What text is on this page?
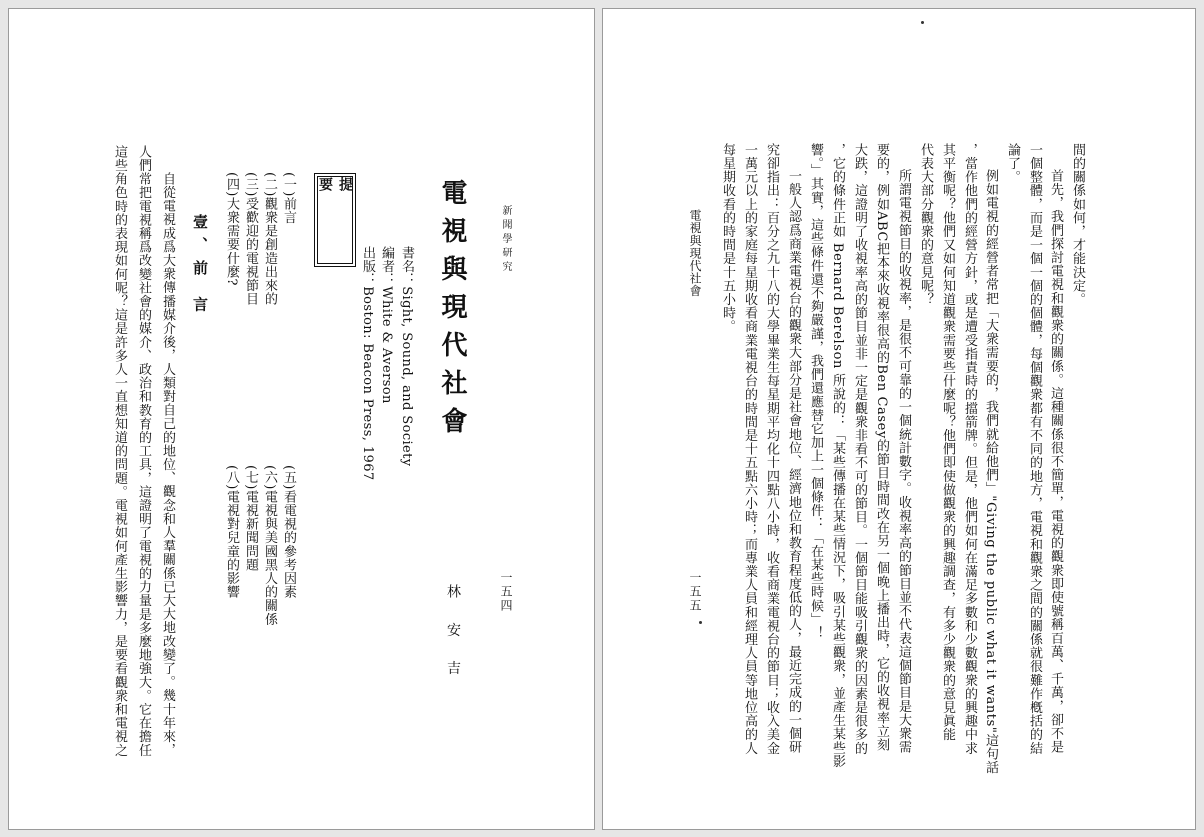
新聞學研究
一五四
電視與現代社會
林 安 吉
書名：Sight, Sound, and Society
編者：White & Averson
出版：Boston: Beacon Press, 1967
提 要
(一)前言
(二)觀衆是創造出來的
(三)受歡迎的電視節目
(四)大衆需要什麼?
(五)看電視的參考因素
(六)電視與美國黑人的關係
(七)電視新聞問題
(八)電視對兒童的影響
壹、前 言
自從電視成爲大衆傳播媒介後，人類對自己的地位、觀念和人羣關係已大大地改變了。幾十年來，
人們常把電視稱爲改變社會的媒介、政治和教育的工具，這證明了電視的力量是多麼地強大。它在擔任
這些角色時的表現如何呢？這是許多人一直想知道的問題。電視如何產生影響力，是要看觀衆和電視之	間的關係如何，才能決定。
首先，我們探討電視和觀衆的關係。這種關係很不簡單，電視的觀衆即使號稱百萬、千萬，卻不是
一個整體，而是一個一個的個體，每個觀衆都有不同的地方，電視和觀衆之間的關係就很難作槪括的結
論了。
例如電視的經營者常把「大衆需要的，我們就給他們」"Giving the public what it wants"這句話
，當作他們的經營方針，或是遭受指責時的擋箭牌。但是，他們如何在滿足多數和少數觀衆的興趣中求
其平衡呢？他們又如何知道觀衆需要些什麼呢？他們即使做觀衆的興趣調查，有多少觀衆的意見眞能
代表大部分觀衆的意見呢？
所謂電視節目的收視率，是很不可靠的一個統計數字。收視率高的節目並不代表這個節目是大衆需
要的，例如ABC把本來收視率很高的Ben Casey的節目時間改在另一個晚上播出時，它的收視率立刻
大跌，這證明了收視率高的節目並非一定是觀衆非看不可的節目。一個節目能吸引觀衆的因素是很多的
，它的條件正如 Bernard Berelson 所說的：「某些傳播在某些情況下，吸引某些觀衆，並產生某些影
響。」其實，這些條件還不夠嚴謹，我們還應替它加上一個條件：「在某些時候」！
一般人認爲商業電視台的觀衆大部分是社會地位、經濟地位和教育程度低的人，最近完成的一個研
究卻指出：百分之九十八的大學畢業生每星期平均化十四點八小時，收看商業電視台的節目；收入美金
一萬元以上的家庭每星期收看商業電視台的時間是十五點六小時；而專業人員和經理人員等地位高的人
每星期收看的時間是十五小時。
電視與現代社會
一五五
